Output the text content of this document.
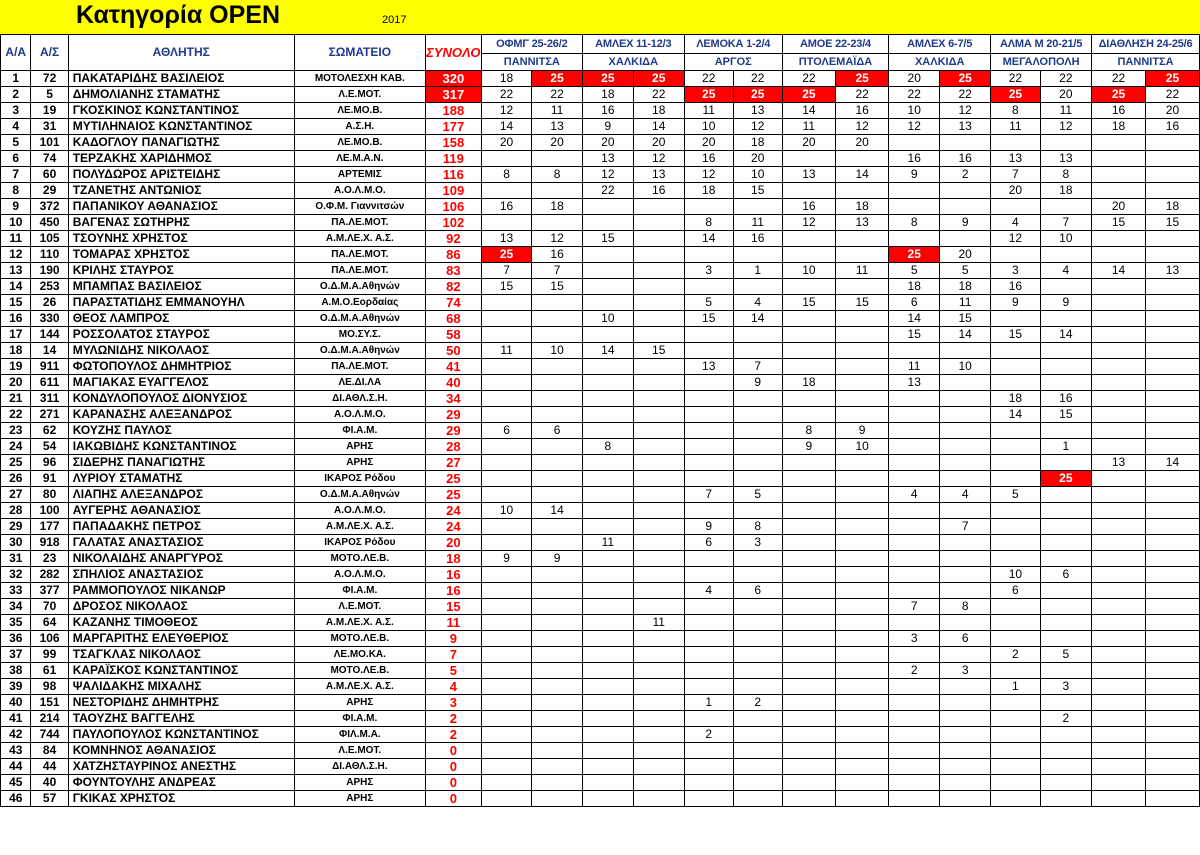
Κατηγορία OPEN	2017
Α/Α	Α/Σ	ΑΘΛΗΤΗΣ	ΣΩΜΑΤΕΙΟ	ΣΥΝΟΛΟ	ΟΦΜΓ 25-26/2		ΑΜΛΕΧ 11-12/3		ΛΕΜΟΚΑ 1-2/4		ΑΜΟΕ 22-23/4		ΑΜΛΕΧ 6-7/5		ΑΛΜΑ Μ 20-21/5		ΔΙΑΘΛΗΣΗ 24-25/6	
					ΠΑΝΝΙΤΣΑ		ΧΑΛΚΙΔΑ		ΑΡΓΟΣ		ΠΤΟΛΕΜΑΪΔΑ		ΧΑΛΚΙΔΑ		ΜΕΓΑΛΟΠΟΛΗ		ΠΑΝΝΙΤΣΑ	
1	72	ΠΑΚΑΤΑΡΙΔΗΣ ΒΑΣΙΛΕΙΟΣ	ΜΟΤΟΛΕΣΧΗ ΚΑΒ.	320	18	25	25	25	22	22	22	25	20	25	22	22	22	25
2	5	ΔΗΜΟΛΙΑΝΗΣ ΣΤΑΜΑΤΗΣ	Λ.Ε.ΜΟΤ.	317	22	22	18	22	25	25	25	22	22	22	25	20	25	22
3	19	ΓΚΟΣΚΙΝΟΣ ΚΩΝΣΤΑΝΤΙΝΟΣ	ΛΕ.ΜΟ.Β.	188	12	11	16	18	11	13	14	16	10	12	8	11	16	20
4	31	ΜΥΤΙΛΗΝΑΙΟΣ ΚΩΝΣΤΑΝΤΙΝΟΣ	Α.Σ.Η.	177	14	13	9	14	10	12	11	12	12	13	11	12	18	16
5	101	ΚΑΔΟΓΛΟΥ ΠΑΝΑΓΙΩΤΗΣ	ΛΕ.ΜΟ.Β.	158	20	20	20	20	20	18	20	20						
6	74	ΤΕΡΖΑΚΗΣ ΧΑΡΙΔΗΜΟΣ	ΛΕ.Μ.Α.Ν.	119			13	12	16	20			16	16	13	13		
7	60	ΠΟΛΥΔΩΡΟΣ ΑΡΙΣΤΕΙΔΗΣ	ΑΡΤΕΜΙΣ	116	8	8	12	13	12	10	13	14	9	2	7	8		
8	29	ΤΖΑΝΕΤΗΣ ΑΝΤΩΝΙΟΣ	Α.Ο.Λ.Μ.Ο.	109			22	16	18	15					20	18		
9	372	ΠΑΠΑΝΙΚΟΥ ΑΘΑΝΑΣΙΟΣ	Ο.Φ.Μ. Γιαννιτσών	106	16	18					16	18					20	18
10	450	ΒΑΓΕΝΑΣ ΣΩΤΗΡΗΣ	ΠΑ.ΛΕ.ΜΟΤ.	102					8	11	12	13	8	9	4	7	15	15
11	105	ΤΣΟΥΝΗΣ ΧΡΗΣΤΟΣ	Α.Μ.ΛΕ.Χ. Α.Σ.	92	13	12	15		14	16					12	10		
12	110	ΤΟΜΑΡΑΣ ΧΡΗΣΤΟΣ	ΠΑ.ΛΕ.ΜΟΤ.	86	25	16							25	20				
13	190	ΚΡΙΛΗΣ ΣΤΑΥΡΟΣ	ΠΑ.ΛΕ.ΜΟΤ.	83	7	7			3	1	10	11	5	5	3	4	14	13
14	253	ΜΠΑΜΠΑΣ ΒΑΣΙΛΕΙΟΣ	Ο.Δ.Μ.Α.Αθηνών	82	15	15							18	18	16			
15	26	ΠΑΡΑΣΤΑΤΙΔΗΣ ΕΜΜΑΝΟΥΗΛ	Α.Μ.Ο.Εορδαίας	74					5	4	15	15	6	11	9	9		
16	330	ΘΕΟΣ ΛΑΜΠΡΟΣ	Ο.Δ.Μ.Α.Αθηνών	68			10		15	14			14	15				
17	144	ΡΟΣΣΟΛΑΤΟΣ ΣΤΑΥΡΟΣ	ΜΟ.ΣΥ.Σ.	58									15	14	15	14		
18	14	ΜΥΛΩΝΙΔΗΣ ΝΙΚΟΛΑΟΣ	Ο.Δ.Μ.Α.Αθηνών	50	11	10	14	15										
19	911	ΦΩΤΟΠΟΥΛΟΣ ΔΗΜΗΤΡΙΟΣ	ΠΑ.ΛΕ.ΜΟΤ.	41					13	7			11	10				
20	611	ΜΑΓΙΑΚΑΣ ΕΥΑΓΓΕΛΟΣ	ΛΕ.ΔΙ.ΛΑ	40						9	18		13					
21	311	ΚΟΝΔΥΛΟΠΟΥΛΟΣ ΔΙΟΝΥΣΙΟΣ	ΔΙ.ΑΘΛ.Σ.Η.	34											18	16		
22	271	ΚΑΡΑΝΑΣΗΣ ΑΛΕΞΑΝΔΡΟΣ	Α.Ο.Λ.Μ.Ο.	29											14	15		
23	62	ΚΟΥΖΗΣ ΠΑΥΛΟΣ	ΦΙ.Α.Μ.	29	6	6					8	9						
24	54	ΙΑΚΩΒΙΔΗΣ ΚΩΝΣΤΑΝΤΙΝΟΣ	ΑΡΗΣ	28			8				9	10				1		
25	96	ΣΙΔΕΡΗΣ ΠΑΝΑΓΙΩΤΗΣ	ΑΡΗΣ	27													13	14
26	91	ΛΥΡΙΟΥ ΣΤΑΜΑΤΗΣ	ΙΚΑΡΟΣ Ρόδου	25												25		
27	80	ΛΙΑΠΗΣ ΑΛΕΞΑΝΔΡΟΣ	Ο.Δ.Μ.Α.Αθηνών	25					7	5			4	4	5			
28	100	ΑΥΓΕΡΗΣ ΑΘΑΝΑΣΙΟΣ	Α.Ο.Λ.Μ.Ο.	24	10	14												
29	177	ΠΑΠΑΔΑΚΗΣ ΠΕΤΡΟΣ	Α.Μ.ΛΕ.Χ. Α.Σ.	24					9	8				7				
30	918	ΓΑΛΑΤΑΣ ΑΝΑΣΤΑΣΙΟΣ	ΙΚΑΡΟΣ Ρόδου	20			11		6	3								
31	23	ΝΙΚΟΛΑΙΔΗΣ ΑΝΑΡΓΥΡΟΣ	ΜΟΤΟ.ΛΕ.Β.	18	9	9												
32	282	ΣΠΗΛΙΟΣ ΑΝΑΣΤΑΣΙΟΣ	Α.Ο.Λ.Μ.Ο.	16											10	6		
33	377	ΡΑΜΜΟΠΟΥΛΟΣ ΝΙΚΑΝΩΡ	ΦΙ.Α.Μ.	16					4	6					6			
34	70	ΔΡΟΣΟΣ ΝΙΚΟΛΑΟΣ	Λ.Ε.ΜΟΤ.	15									7	8				
35	64	ΚΑΖΑΝΗΣ ΤΙΜΟΘΕΟΣ	Α.Μ.ΛΕ.Χ. Α.Σ.	11				11										
36	106	ΜΑΡΓΑΡΙΤΗΣ ΕΛΕΥΘΕΡΙΟΣ	ΜΟΤΟ.ΛΕ.Β.	9									3	6				
37	99	ΤΣΑΓΚΛΑΣ ΝΙΚΟΛΑΟΣ	ΛΕ.ΜΟ.ΚΑ.	7											2	5		
38	61	ΚΑΡΑΪΣΚΟΣ ΚΩΝΣΤΑΝΤΙΝΟΣ	ΜΟΤΟ.ΛΕ.Β.	5									2	3				
39	98	ΨΑΛΙΔΑΚΗΣ ΜΙΧΑΛΗΣ	Α.Μ.ΛΕ.Χ. Α.Σ.	4											1	3		
40	151	ΝΕΣΤΟΡΙΔΗΣ ΔΗΜΗΤΡΗΣ	ΑΡΗΣ	3					1	2								
41	214	ΤΑΟΥΖΗΣ ΒΑΓΓΕΛΗΣ	ΦΙ.Α.Μ.	2												2		
42	744	ΠΑΥΛΟΠΟΥΛΟΣ ΚΩΝΣΤΑΝΤΙΝΟΣ	ΦΙΛ.Μ.Α.	2					2									
43	84	ΚΟΜΝΗΝΟΣ ΑΘΑΝΑΣΙΟΣ	Λ.Ε.ΜΟΤ.	0														
44	44	ΧΑΤΖΗΣΤΑΥΡΙΝΟΣ ΑΝΕΣΤΗΣ	ΔΙ.ΑΘΛ.Σ.Η.	0														
45	40	ΦΟΥΝΤΟΥΛΗΣ ΑΝΔΡΕΑΣ	ΑΡΗΣ	0														
46	57	ΓΚΙΚΑΣ ΧΡΗΣΤΟΣ	ΑΡΗΣ	0														
